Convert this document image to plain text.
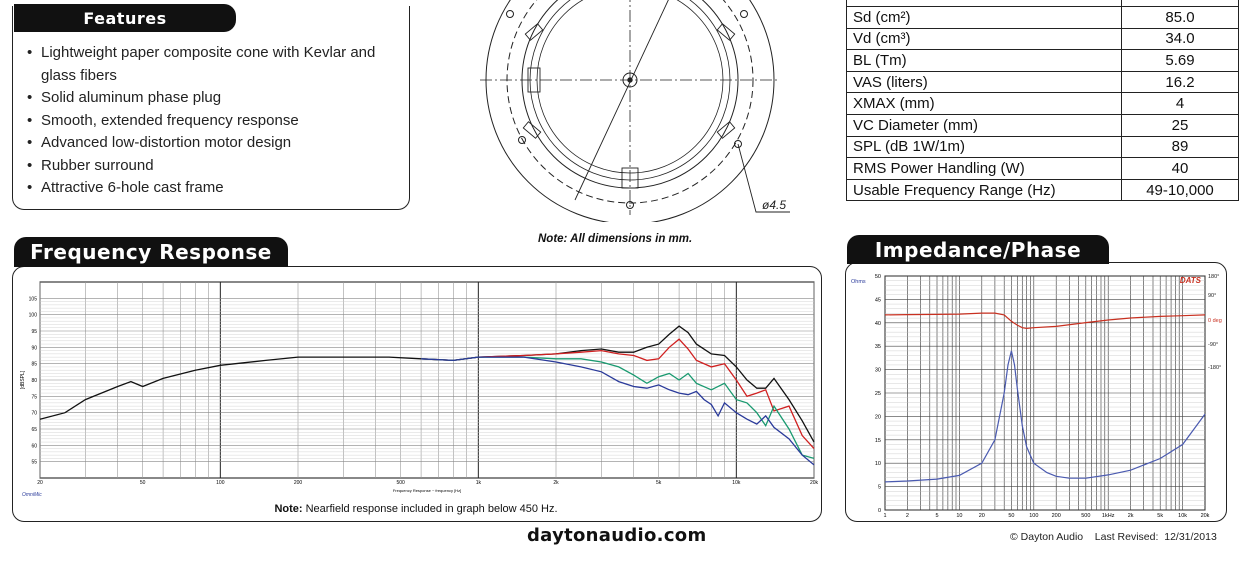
• Lightweight paper composite cone with Kevlar and glass fibers
• Solid aluminum phase plug
• Smooth, extended frequency response
• Advanced low-distortion motor design
• Rubber surround
• Attractive 6-hole cast frame
Features
ø4.5
Note: All dimensions in mm.

Sd (cm²)	85.0
Vd (cm³)	34.0
BL (Tm)	5.69
VAS (liters)	16.2
XMAX (mm)	4
VC Diameter (mm)	25
SPL (dB 1W/1m)	89
RMS Power Handling (W)	40
Usable Frequency Range (Hz)	49-10,000
Frequency Response
55
60
65
70
75
80
85
90
95
100
105
20	50	100	200	500	1k	2k	5k	10k	20k
Frequency Response ~ frequency [Hz]
[dBSPL]
OmniMic
Note: Nearfield response included in graph below 450 Hz.
Impedance/Phase
0
5
10
15
20
25
30
35
40
45
50
1	2	5	10	20	50	100 200	500 1kHz 2k	5k	10k 20k
Ohms
180°
90°
0 deg
-90°
-180°
DATS
daytonaudio.com	© Dayton Audio    Last Revised:  12/31/2013
